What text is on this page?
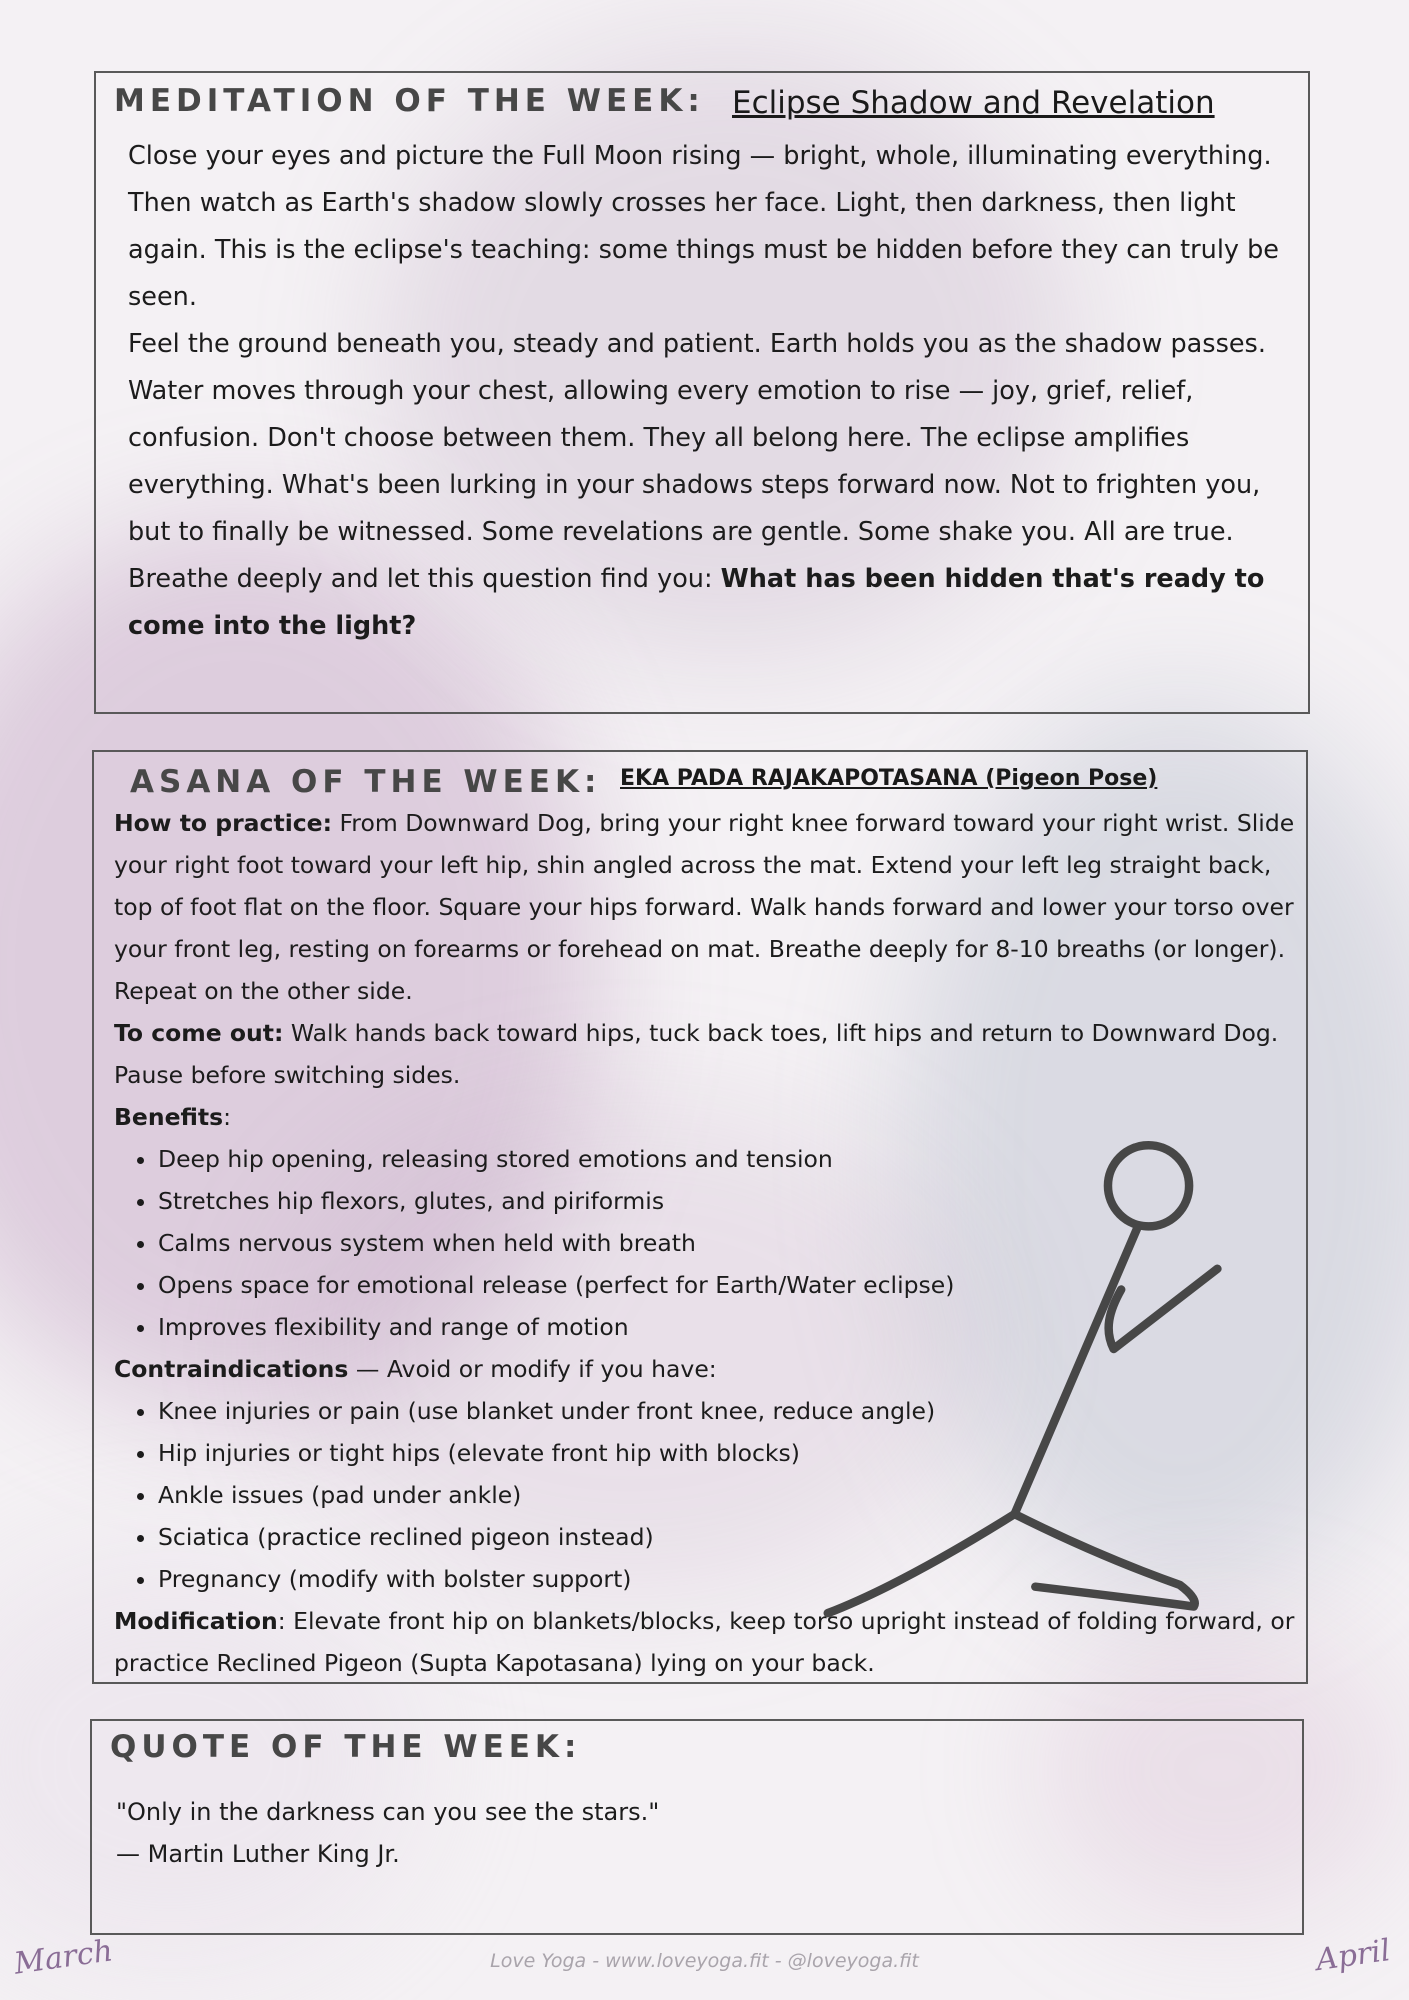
MEDITATION OF THE WEEK: Eclipse Shadow and Revelation

Close your eyes and picture the Full Moon rising — bright, whole, illuminating everything. Then watch as Earth's shadow slowly crosses her face. Light, then darkness, then light again. This is the eclipse's teaching: some things must be hidden before they can truly be seen.

Feel the ground beneath you, steady and patient. Earth holds you as the shadow passes. Water moves through your chest, allowing every emotion to rise — joy, grief, relief, confusion. Don't choose between them. They all belong here. The eclipse amplifies everything. What's been lurking in your shadows steps forward now. Not to frighten you, but to finally be witnessed. Some revelations are gentle. Some shake you. All are true.

Breathe deeply and let this question find you: What has been hidden that's ready to come into the light?

ASANA OF THE WEEK: EKA PADA RAJAKAPOTASANA (Pigeon Pose)

How to practice: From Downward Dog, bring your right knee forward toward your right wrist. Slide your right foot toward your left hip, shin angled across the mat. Extend your left leg straight back, top of foot flat on the floor. Square your hips forward. Walk hands forward and lower your torso over your front leg, resting on forearms or forehead on mat. Breathe deeply for 8-10 breaths (or longer). Repeat on the other side.

To come out: Walk hands back toward hips, tuck back toes, lift hips and return to Downward Dog. Pause before switching sides.

Benefits:

• Deep hip opening, releasing stored emotions and tension
• Stretches hip flexors, glutes, and piriformis
• Calms nervous system when held with breath
• Opens space for emotional release (perfect for Earth/Water eclipse)
• Improves flexibility and range of motion

Contraindications — Avoid or modify if you have:

• Knee injuries or pain (use blanket under front knee, reduce angle)
• Hip injuries or tight hips (elevate front hip with blocks)
• Ankle issues (pad under ankle)
• Sciatica (practice reclined pigeon instead)
• Pregnancy (modify with bolster support)

Modification: Elevate front hip on blankets/blocks, keep torso upright instead of folding forward, or practice Reclined Pigeon (Supta Kapotasana) lying on your back.

QUOTE OF THE WEEK:

"Only in the darkness can you see the stars."

— Martin Luther King Jr.

March	Love Yoga - www.loveyoga.fit - @loveyoga.fit	April
